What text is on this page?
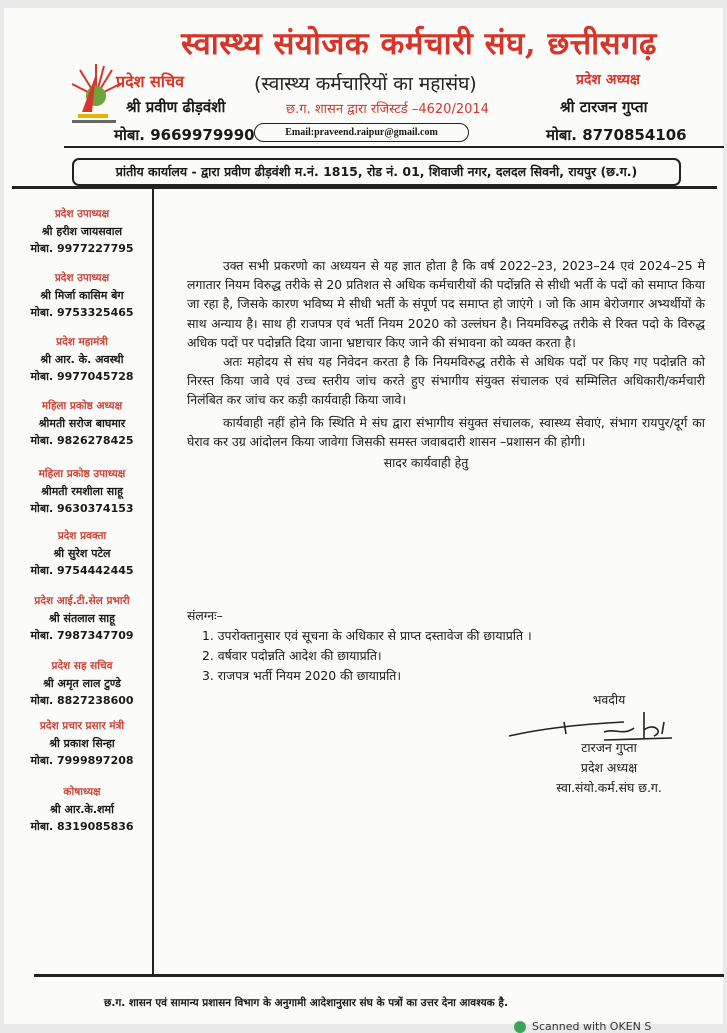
स्वास्थ्य संयोजक कर्मचारी संघ, छत्तीसगढ़
प्रदेश सचिव
श्री प्रवीण ढीड़वंशी
मोबा. 9669979990
(स्वास्थ्य कर्मचारियों का महासंघ)
छ.ग. शासन द्वारा रजिस्टर्ड –4620/2014
Email:praveend.raipur@gmail.com
प्रदेश अध्यक्ष
श्री टारजन गुप्ता
मोबा. 8770854106
प्रांतीय कार्यालय - द्वारा प्रवीण ढीड़वंशी म.नं. 1815, रोड नं. 01, शिवाजी नगर, दलदल सिवनी, रायपुर (छ.ग.)
प्रदेश उपाध्यक्ष
श्री हरीश जायसवाल
मोबा. 9977227795
प्रदेश उपाध्यक्ष
श्री मिर्जा कासिम बेग
मोबा. 9753325465
प्रदेश महामंत्री
श्री आर. के. अवस्थी
मोबा. 9977045728
महिला प्रकोष्ठ अध्यक्ष
श्रीमती सरोज बाघमार
मोबा. 9826278425
महिला प्रकोष्ठ उपाध्यक्ष
श्रीमती रमशीला साहू
मोबा. 9630374153
प्रदेश प्रवक्ता
श्री सुरेश पटेल
मोबा. 9754442445
प्रदेश आई.टी.सेल प्रभारी
श्री संतलाल साहू
मोबा. 7987347709
प्रदेश सह सचिव
श्री अमृत लाल टुण्डे
मोबा. 8827238600
प्रदेश प्रचार प्रसार मंत्री
श्री प्रकाश सिन्हा
मोबा. 7999897208
कोषाध्यक्ष
श्री आर.के.शर्मा
मोबा. 8319085836

उक्त सभी प्रकरणो का अध्ययन से यह ज्ञात होता है कि वर्ष 2022–23, 2023–24 एवं 2024–25 मे लगातार नियम विरुद्ध तरीके से 20 प्रतिशत से अधिक कर्मचारीयों की पदोंन्नति से सीधी भर्ती के पदों को समाप्त किया जा रहा है, जिसके कारण भविष्य मे सीधी भर्ती के संपूर्ण पद समाप्त हो जाएंगे । जो कि आम बेरोजगार अभ्यर्थीयों के साथ अन्याय है। साथ ही राजपत्र एवं भर्ती नियम 2020 को उल्लंघन है। नियमविरुद्ध तरीके से रिक्त पदो के विरुद्ध अधिक पदों पर पदोन्नति दिया जाना भ्रष्टाचार किए जाने की संभावना को व्यक्त करता है।

अतः महोदय से संघ यह निवेदन करता है कि नियमविरुद्ध तरीके से अधिक पदों पर किए गए पदोन्नति को निरस्त किया जावे एवं उच्च स्तरीय जांच करते हुए संभागीय संयुक्त संचालक एवं सम्मिलित अधिकारी/कर्मचारी निलंबित कर जांच कर कड़ी कार्यवाही किया जावे।

कार्यवाही नहीं होने कि स्थिति मे संघ द्वारा संभागीय संयुक्त संचालक, स्वास्थ्य सेवाएं, संभाग रायपुर/दूर्ग का घेराव कर उग्र आंदोलन किया जावेगा जिसकी समस्त जवाबदारी शासन –प्रशासन की होगी।

सादर कार्यवाही हेतु
संलग्नः–
1. उपरोक्तानुसार एवं सूचना के अधिकार से प्राप्त दस्तावेज की छायाप्रति ।
2. वर्षवार पदोन्नति आदेश की छायाप्रति।
3. राजपत्र भर्ती नियम 2020 की छायाप्रति।
भवदीय
टारजन गुप्ता
प्रदेश अध्यक्ष
स्वा.संयो.कर्म.संघ छ.ग.
छ.ग. शासन एवं सामान्य प्रशासन विभाग के अनुगामी आदेशानुसार संघ के पत्रों का उत्तर देना आवश्यक है.
Scanned with OKEN S
